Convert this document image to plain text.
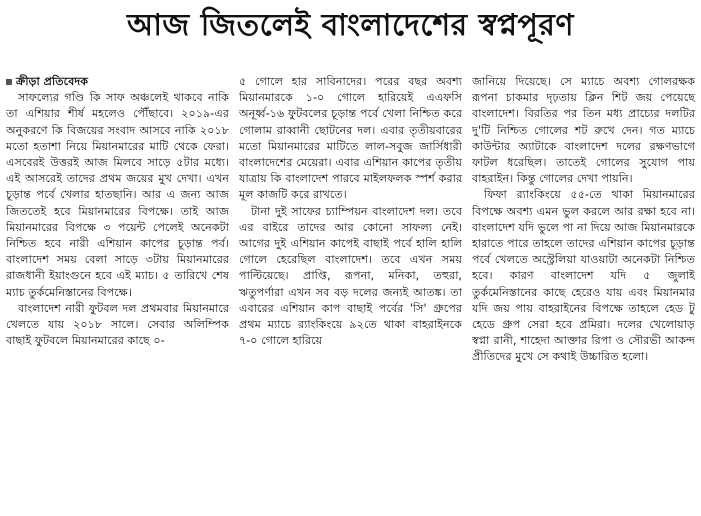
আজ জিতলেই বাংলাদেশের স্বপ্নপূরণ

ক্রীড়া প্রতিবেদক

সাফল্যের গণ্ডি কি সাফ অঞ্চলেই থাকবে নাকি তা এশিয়ার শীর্ষ মহলেও পৌঁছাবে। ২০১৯-এর অনুকরণে কি বিজয়ের সংবাদ আসবে নাকি ২০১৮ মতো হতাশা নিয়ে মিয়ানমারের মাটি থেকে ফেরা। এসবেরই উত্তরই আজ মিলবে সাড়ে ৫টার মধ্যে। এই আসরেই তাদের প্রথম জয়ের মুখ দেখা। এখন চূড়ান্ত পর্বে খেলার হাতছানি। আর এ জন্য আজ জিততেই হবে মিয়ানমারের বিপক্ষে। তাই আজ মিয়ানমারের বিপক্ষে ৩ পয়েন্ট পেলেই অনেকটা নিশ্চিত হবে নারী এশিয়ান কাপের চূড়ান্ত পর্ব। বাংলাদেশ সময় বেলা সাড়ে ৩টায় মিয়ানমারের রাজধানী ইয়াংগুনে হবে এই ম্যাচ। ৫ তারিখে শেষ ম্যাচ তুর্কমেনিস্তানের বিপক্ষে।

বাংলাদেশ নারী ফুটবল দল প্রথমবার মিয়ানমারে খেলতে যায় ২০১৮ সালে। সেবার অলিম্পিক বাছাই ফুটবলে মিয়ানমারের কাছে ০-

৫ গোলে হার সাবিনাদের। পরের বছর অবশ্য মিয়ানমারকে ১-০ গোলে হারিয়েই এএফসি অনূর্ধ্ব-১৬ ফুটবলের চূড়ান্ত পর্বে খেলা নিশ্চিত করে গোলাম রাব্বানী ছোটনের দল। এবার তৃতীয়বারের মতো মিয়ানমারের মাটিতে লাল-সবুজ জার্সিধারী বাংলাদেশের মেয়েরা। এবার এশিয়ান কাপের তৃতীয় যাত্রায় কি বাংলাদেশ পারবে মাইলফলক স্পর্শ করার মূল কাজটি করে রাখতে।

টানা দুই সাফের চ্যাম্পিয়ন বাংলাদেশ দল। তবে এর বাইরে তাদের আর কোনো সাফল্য নেই। আগের দুই এশিয়ান কাপেই বাছাই পর্বে হালি হালি গোলে হেরেছিল বাংলাদেশ। তবে এখন সময় পাল্টিয়েছে। প্রাপ্তি, রূপনা, মনিকা, তহুরা, ঋতুপর্ণারা এখন সব বড় দলের জন্যই আতঙ্ক। তা এবারের এশিয়ান কাপ বাছাই পর্বের 'সি' গ্রুপের প্রথম ম্যাচে র‍্যাংকিংয়ে ৯২তে থাকা বাহরাইনকে ৭-০ গোলে হারিয়ে

জানিয়ে দিয়েছে। সে ম্যাচে অবশ্য গোলরক্ষক রূপনা চাকমার দৃঢ়তায় ক্লিন শিট জয় পেয়েছে বাংলাদেশ। বিরতির পর তিন মধ্য প্রাচ্যের দলটির দু'টি নিশ্চিত গোলের শট রুখে দেন। গত ম্যাচে কাউন্টার অ্যাটাকে বাংলাদেশ দলের রক্ষণভাগে ফাটল ধরেছিল। তাতেই গোলের সুযোগ পায় বাহরাইন। কিন্তু গোলের দেখা পায়নি।

ফিফা র‍্যাংকিংয়ে ৫৫-তে থাকা মিয়ানমারের বিপক্ষে অবশ্য এমন ভুল করলে আর রক্ষা হবে না। বাংলাদেশ যদি ভুলে পা না দিয়ে আজ মিয়ানমারকে হারাতে পারে তাহলে তাদের এশিয়ান কাপের চূড়ান্ত পর্বে খেলতে অস্ট্রেলিয়া যাওয়াটা অনেকটা নিশ্চিত হবে। কারণ বাংলাদেশ যদি ৫ জুলাই তুর্কমেনিস্তানের কাছে হেরেও যায় এবং মিয়ানমার যদি জয় পায় বাহরাইনের বিপক্ষে তাহলে হেড টু হেডে গ্রুপ সেরা হবে প্রমিরা। দলের খেলোয়াড় স্বপ্না রানী, শাহেদা আক্তার রিপা ও সৌরভী আকন্দ প্রীতিদের মুখে সে কথাই উচ্চারিত হলো।
